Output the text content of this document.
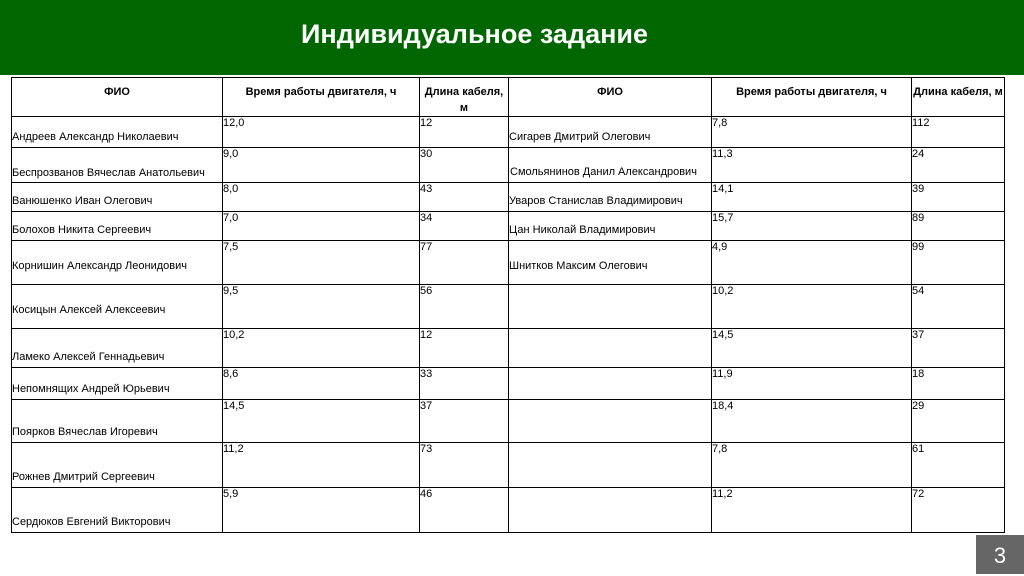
Индивидуальное задание
ФИО	Время работы двигателя, ч	Длина кабеля, м	ФИО	Время работы двигателя, ч	Длина кабеля, м
Андреев Александр Николаевич	12,0	12	Сигарев Дмитрий Олегович	7,8	112
Беспрозванов Вячеслав Анатольевич	9,0	30	Смольянинов Данил Александрович	11,3	24
Ванюшенко Иван Олегович	8,0	43	Уваров Станислав Владимирович	14,1	39
Болохов Никита Сергеевич	7,0	34	Цан Николай Владимирович	15,7	89
Корнишин Александр Леонидович	7,5	77	Шнитков Максим Олегович	4,9	99
Косицын Алексей Алексеевич	9,5	56		10,2	54
Ламеко Алексей Геннадьевич	10,2	12		14,5	37
Непомнящих Андрей Юрьевич	8,6	33		11,9	18
Поярков Вячеслав Игоревич	14,5	37		18,4	29
Рожнев Дмитрий Сергеевич	11,2	73		7,8	61
Сердюков Евгений Викторович	5,9	46		11,2	72
3
